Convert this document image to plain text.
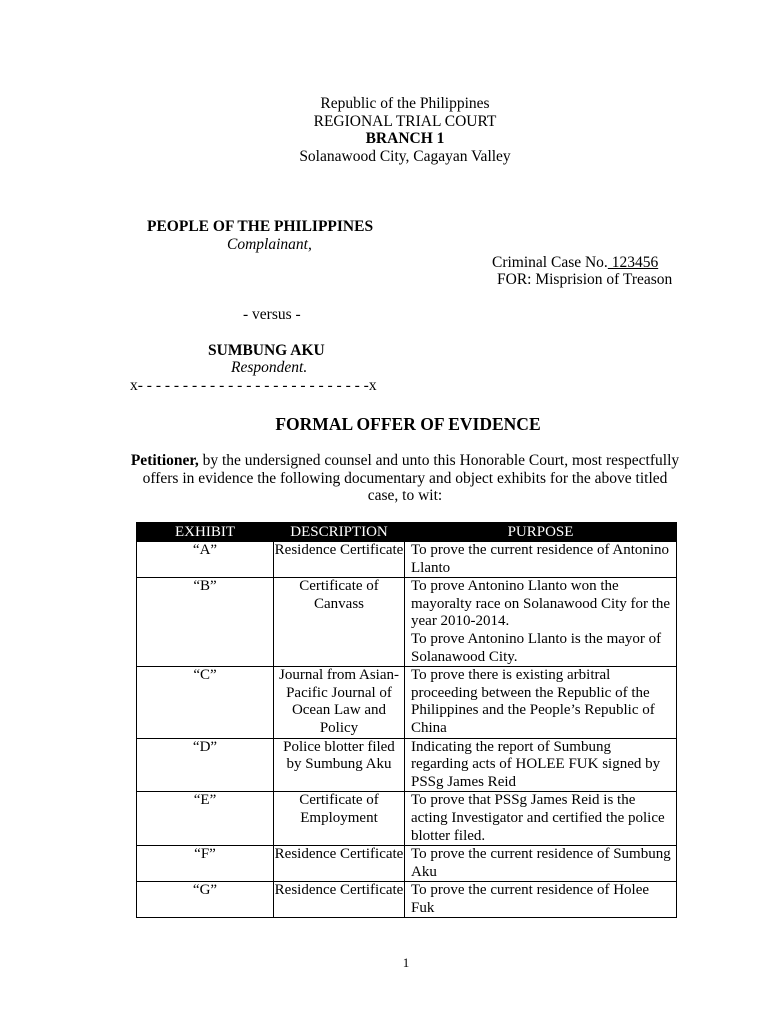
Republic of the Philippines
REGIONAL TRIAL COURT
BRANCH 1
Solanawood City, Cagayan Valley
PEOPLE OF THE PHILIPPINES
Complainant,
Criminal Case No. 123456
FOR: Misprision of Treason
- versus -
SUMBUNG AKU
Respondent.
x- - - - - - - - - - - - - - - - - - - - - - - - - -x
FORMAL OFFER OF EVIDENCE
Petitioner, by the undersigned counsel and unto this Honorable Court, most respectfully offers in evidence the following documentary and object exhibits for the above titled case, to wit:
EXHIBIT	DESCRIPTION	PURPOSE
“A”	Residence Certificate	To prove the current residence of Antonino Llanto
“B”	Certificate of Canvass	To prove Antonino Llanto won the mayoralty race on Solanawood City for the year 2010-2014.
To prove Antonino Llanto is the mayor of Solanawood City.

“C”	Journal from Asian-Pacific Journal of Ocean Law and Policy	To prove there is existing arbitral proceeding between the Republic of the Philippines and the People’s Republic of China
“D”	Police blotter filed by Sumbung Aku	Indicating the report of Sumbung regarding acts of HOLEE FUK signed by PSSg James Reid
“E”	Certificate of Employment	To prove that PSSg James Reid is the acting Investigator and certified the police blotter filed.
“F”	Residence Certificate	To prove the current residence of Sumbung Aku
“G”	Residence Certificate	To prove the current residence of Holee Fuk
1
